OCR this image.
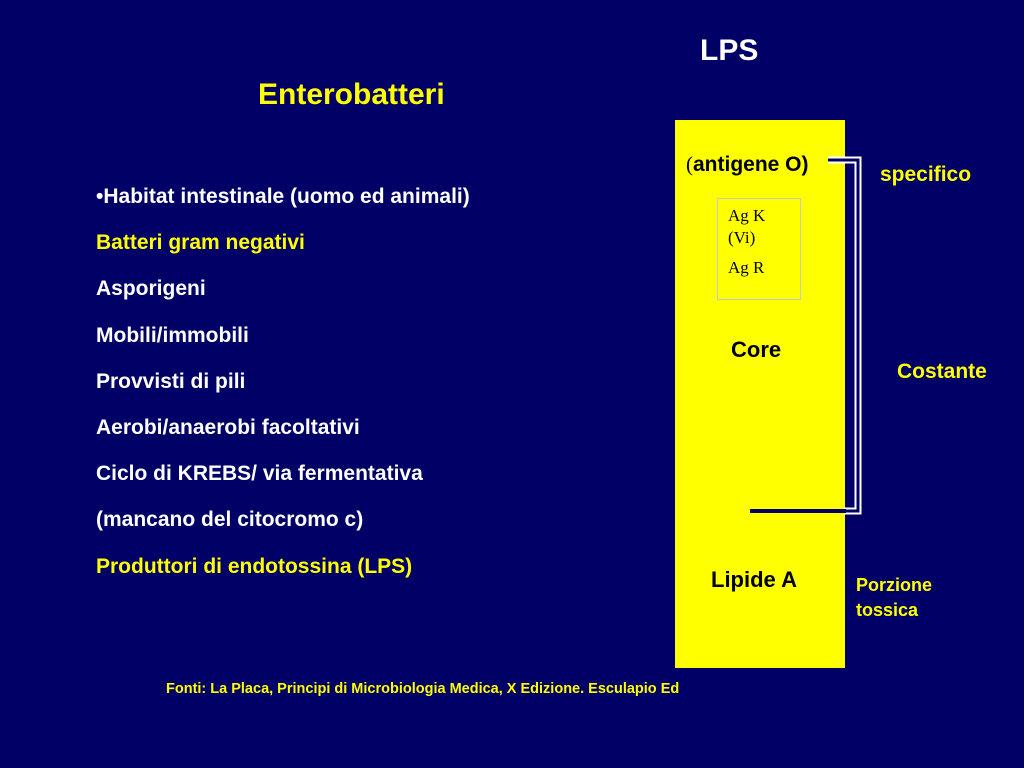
Enterobatteri
LPS
•Habitat intestinale (uomo ed animali)
Batteri gram negativi
Asporigeni
Mobili/immobili
Provvisti di pili
Aerobi/anaerobi facoltativi
Ciclo di KREBS/ via fermentativa
(mancano del citocromo c)
Produttori di endotossina (LPS)
(antigene O)
Ag K
(Vi)
Ag R
Core
Lipide A
specifico
Costante
Porzione tossica
Fonti: La Placa, Principi di Microbiologia Medica, X Edizione. Esculapio Ed
